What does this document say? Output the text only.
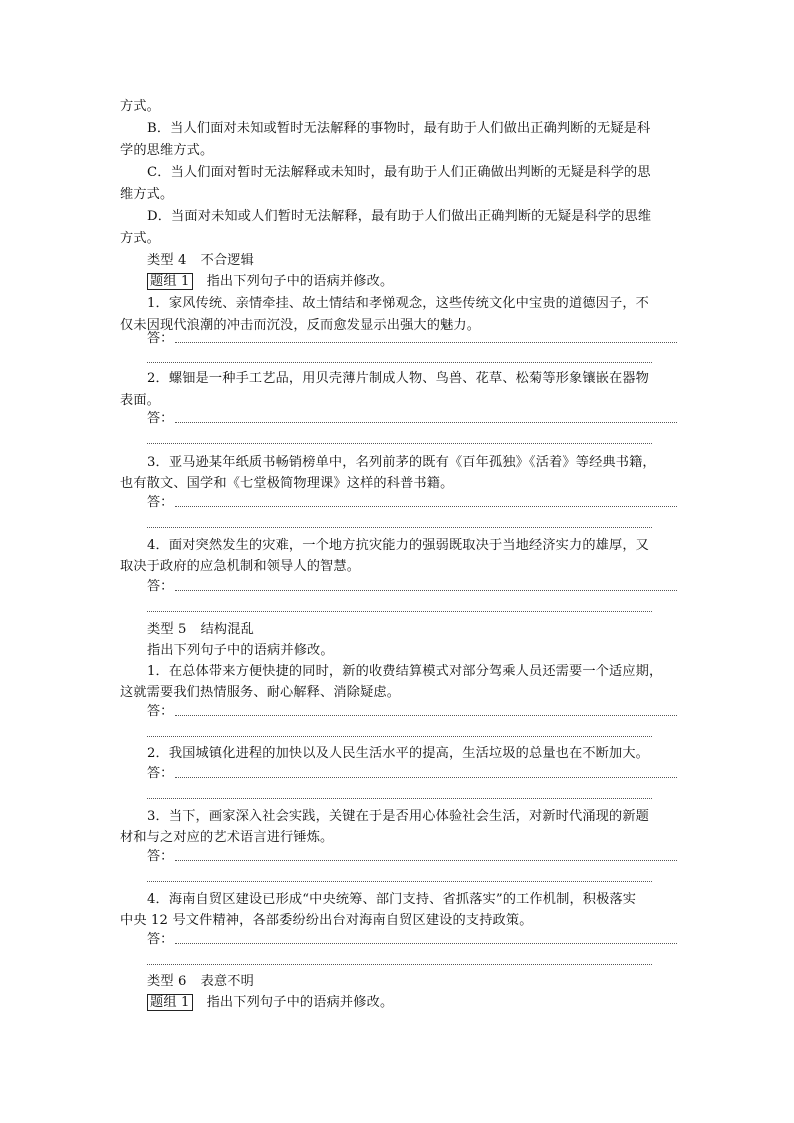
方式。
B．当人们面对未知或暂时无法解释的事物时，最有助于人们做出正确判断的无疑是科
学的思维方式。
C．当人们面对暂时无法解释或未知时，最有助于人们正确做出判断的无疑是科学的思
维方式。
D．当面对未知或人们暂时无法解释，最有助于人们做出正确判断的无疑是科学的思维
方式。
类型 4 不合逻辑
题组 1 指出下列句子中的语病并修改。
1．家风传统、亲情牵挂、故土情结和孝悌观念，这些传统文化中宝贵的道德因子，不
仅未因现代浪潮的冲击而沉没，反而愈发显示出强大的魅力。
答：
2．螺钿是一种手工艺品，用贝壳薄片制成人物、鸟兽、花草、松菊等形象镶嵌在器物
表面。
答：
3．亚马逊某年纸质书畅销榜单中，名列前茅的既有《百年孤独》《活着》等经典书籍，
也有散文、国学和《七堂极简物理课》这样的科普书籍。
答：
4．面对突然发生的灾难，一个地方抗灾能力的强弱既取决于当地经济实力的雄厚，又
取决于政府的应急机制和领导人的智慧。
答：
类型 5 结构混乱
指出下列句子中的语病并修改。
1．在总体带来方便快捷的同时，新的收费结算模式对部分驾乘人员还需要一个适应期，
这就需要我们热情服务、耐心解释、消除疑虑。
答：
2．我国城镇化进程的加快以及人民生活水平的提高，生活垃圾的总量也在不断加大。
答：
3．当下，画家深入社会实践，关键在于是否用心体验社会生活，对新时代涌现的新题
材和与之对应的艺术语言进行锤炼。
答：
4．海南自贸区建设已形成“中央统筹、部门支持、省抓落实”的工作机制，积极落实
中央 12 号文件精神，各部委纷纷出台对海南自贸区建设的支持政策。
答：
类型 6 表意不明
题组 1 指出下列句子中的语病并修改。
